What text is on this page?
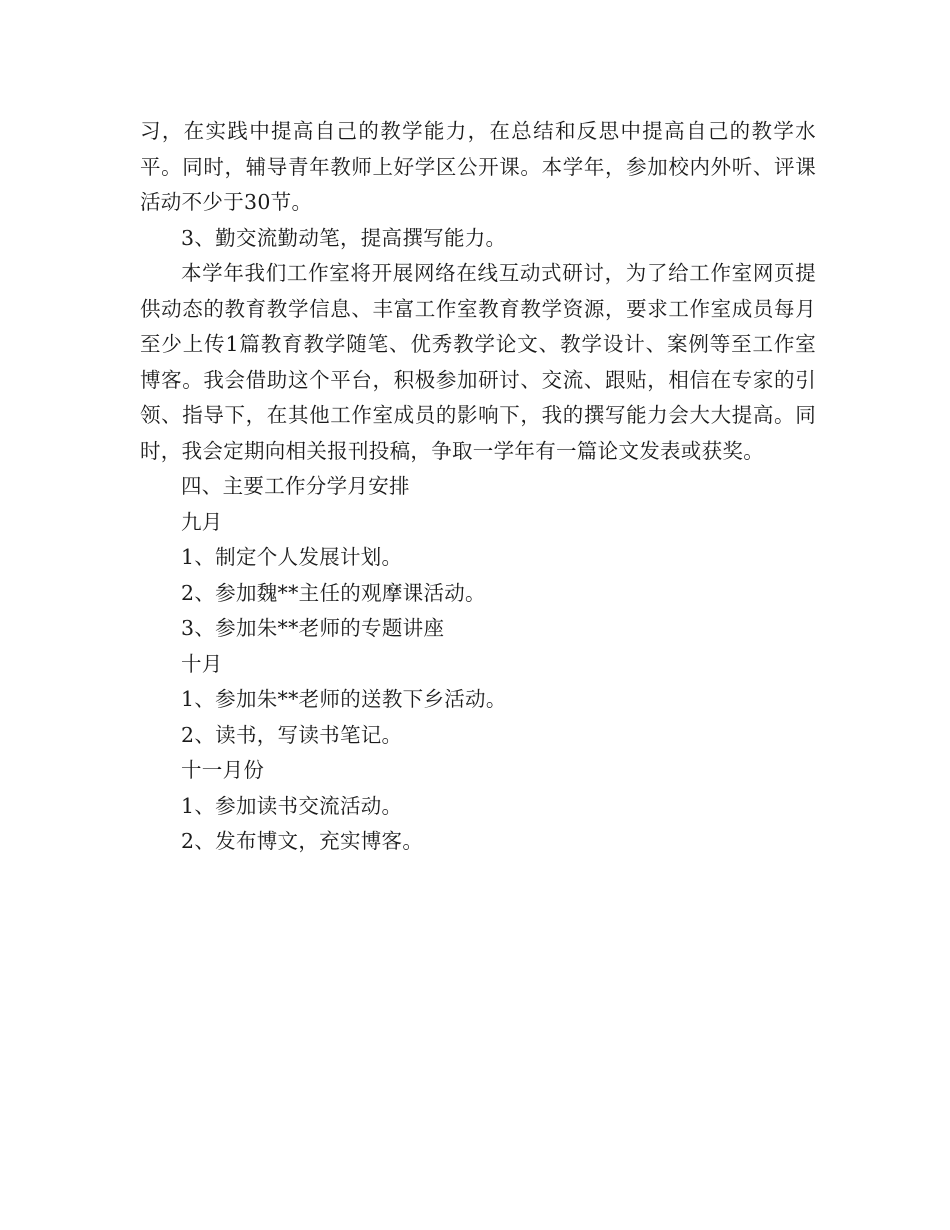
习，在实践中提高自己的教学能力，在总结和反思中提高自己的教学水平。同时，辅导青年教师上好学区公开课。本学年，参加校内外听、评课活动不少于30节。

3、勤交流勤动笔，提高撰写能力。

本学年我们工作室将开展网络在线互动式研讨，为了给工作室网页提供动态的教育教学信息、丰富工作室教育教学资源，要求工作室成员每月至少上传1篇教育教学随笔、优秀教学论文、教学设计、案例等至工作室博客。我会借助这个平台，积极参加研讨、交流、跟贴，相信在专家的引领、指导下，在其他工作室成员的影响下，我的撰写能力会大大提高。同时，我会定期向相关报刊投稿，争取一学年有一篇论文发表或获奖。

四、主要工作分学月安排

九月

1、制定个人发展计划。

2、参加魏**主任的观摩课活动。

3、参加朱**老师的专题讲座

十月

1、参加朱**老师的送教下乡活动。

2、读书，写读书笔记。

十一月份

1、参加读书交流活动。

2、发布博文，充实博客。
